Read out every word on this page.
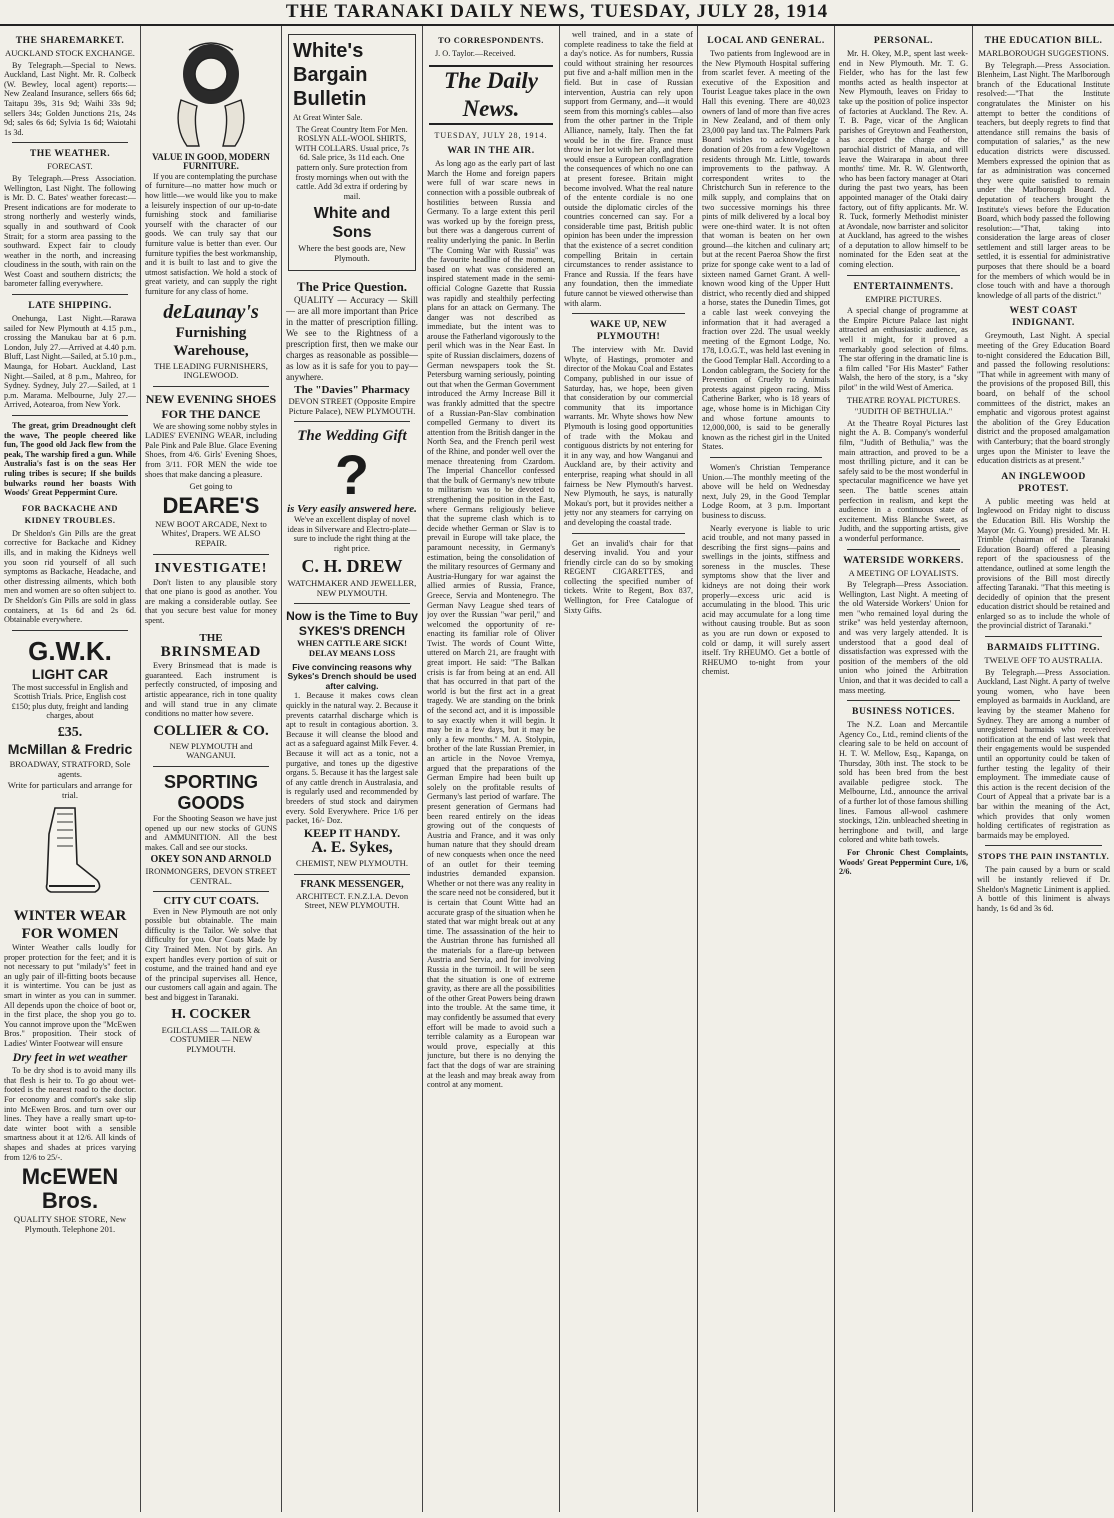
THE TARANAKI DAILY NEWS, TUESDAY, JULY 28, 1914
THE SHAREMARKET.
AUCKLAND STOCK EXCHANGE.

By Telegraph.—Special to News. Auckland, Last Night. Mr. R. Colbeck (W. Bewley, local agent) reports:— New Zealand Insurance, sellers 66s 6d; Taitapu 39s, 31s 9d; Waihi 33s 9d; sellers 34s; Golden Junctions 21s, 24s 9d; sales 6s 6d; Sylvia 1s 6d; Waiotahi 1s 3d.

THE WEATHER.
FORECAST.

By Telegraph.—Press Association. Wellington, Last Night. The following is Mr. D. C. Bates' weather forecast:— Present indications are for moderate to strong northerly and westerly winds, squally in and southward of Cook Strait; for a storm area passing to the southward. Expect fair to cloudy weather in the north, and increasing cloudiness in the south, with rain on the West Coast and southern districts; the barometer falling everywhere.

LATE SHIPPING.

Onehunga, Last Night.—Rarawa sailed for New Plymouth at 4.15 p.m., crossing the Manukau bar at 6 p.m. London, July 27.—Arrived at 4.40 p.m. Bluff, Last Night.—Sailed, at 5.10 p.m., Maunga, for Hobart. Auckland, Last Night.—Sailed, at 8 p.m., Mahreo, for Sydney. Sydney, July 27.—Sailed, at 1 p.m. Marama. Melbourne, July 27.—Arrived, Aotearoa, from New York.

The great, grim Dreadnought cleft the wave, The people cheered like fun, The good old Jack flew from the peak, The warship fired a gun. While Australia's fast is on the seas Her ruling tribes is secure; If she builds bulwarks round her boasts With Woods' Great Peppermint Cure.

FOR BACKACHE AND KIDNEY TROUBLES.

Dr Sheldon's Gin Pills are the great corrective for Backache and Kidney ills, and in making the Kidneys well you soon rid yourself of all such symptoms as Backache, Headache, and other distressing ailments, which both men and women are so often subject to. Dr Sheldon's Gin Pills are sold in glass containers, at 1s 6d and 2s 6d. Obtainable everywhere.

G.W.K.
LIGHT CAR

The most successful in English and Scottish Trials. Price, English cost £150; plus duty, freight and landing charges, about

£35.
McMillan & Fredric
BROADWAY, STRATFORD, Sole agents.
Write for particulars and arrange for trial.
WINTER WEAR FOR WOMEN

Winter Weather calls loudly for proper protection for the feet; and it is not necessary to put "milady's" feet in an ugly pair of ill-fitting boots because it is wintertime. You can be just as smart in winter as you can in summer. All depends upon the choice of boot or, in the first place, the shop you go to. You cannot improve upon the "McEwen Bros." proposition. Their stock of Ladies' Winter Footwear will ensure

Dry feet in wet weather

To be dry shod is to avoid many ills that flesh is heir to. To go about wet-footed is the nearest road to the doctor. For economy and comfort's sake slip into McEwen Bros. and turn over our lines. They have a really smart up-to-date winter boot with a sensible smartness about it at 12/6. All kinds of shapes and shades at prices varying from 12/6 to 25/-.

McEWEN Bros.
QUALITY SHOE STORE, New Plymouth. Telephone 201.
VALUE IN GOOD, MODERN FURNITURE.

If you are contemplating the purchase of furniture—no matter how much or how little—we would like you to make a leisurely inspection of our up-to-date furnishing stock and familiarise yourself with the character of our goods. We can truly say that our furniture value is better than ever. Our furniture typifies the best workmanship, and it is built to last and to give the utmost satisfaction. We hold a stock of great variety, and can supply the right furniture for any class of home.

deLaunay's
Furnishing Warehouse,
THE LEADING FURNISHERS, INGLEWOOD.
NEW EVENING SHOES FOR THE DANCE

We are showing some nobby styles in LADIES' EVENING WEAR, including Pale Pink and Pale Blue. Glace Evening Shoes, from 4/6. Girls' Evening Shoes, from 3/11. FOR MEN the wide toe shoes that make dancing a pleasure.

Get going to
DEARE'S
NEW BOOT ARCADE, Next to Whites', Drapers. WE ALSO REPAIR.
INVESTIGATE!

Don't listen to any plausible story that one piano is good as another. You are making a considerable outlay. See that you secure best value for money spent.

THE
BRINSMEAD

Every Brinsmead that is made is guaranteed. Each instrument is perfectly constructed, of imposing and artistic appearance, rich in tone quality and will stand true in any climate conditions no matter how severe.

COLLIER & CO.
NEW PLYMOUTH and WANGANUI.
SPORTING GOODS

For the Shooting Season we have just opened up our new stocks of GUNS and AMMUNITION. All the best makes. Call and see our stocks.

OKEY SON AND ARNOLD
IRONMONGERS, DEVON STREET CENTRAL.
CITY CUT COATS.

Even in New Plymouth are not only possible but obtainable. The main difficulty is the Tailor. We solve that difficulty for you. Our Coats Made by City Trained Men. Not by girls. An expert handles every portion of suit or costume, and the trained hand and eye of the principal supervises all. Hence, our customers call again and again. The best and biggest in Taranaki.

H. COCKER
EGILCLASS — TAILOR & COSTUMIER — NEW PLYMOUTH.
White's Bargain Bulletin
At Great Winter Sale.

The Great Country Item For Men. ROSLYN ALL-WOOL SHIRTS, WITH COLLARS. Usual price, 7s 6d. Sale price, 3s 11d each. One pattern only. Sure protection from frosty mornings when out with the cattle. Add 3d extra if ordering by mail.

White and Sons
Where the best goods are, New Plymouth.
The Price Question.

QUALITY — Accuracy — Skill — are all more important than Price in the matter of prescription filling. We see to the Rightness of a prescription first, then we make our charges as reasonable as possible—as low as it is safe for you to pay—anywhere.

The "Davies" Pharmacy
DEVON STREET (Opposite Empire Picture Palace), NEW PLYMOUTH.
The Wedding Gift
?
is Very easily answered here.

We've an excellent display of novel ideas in Silverware and Electro-plate—sure to include the right thing at the right price.

C. H. DREW
WATCHMAKER AND JEWELLER, NEW PLYMOUTH.
Now is the Time to Buy SYKES'S DRENCH
WHEN CATTLE ARE SICK! DELAY MEANS LOSS
Five convincing reasons why Sykes's Drench should be used after calving.

1. Because it makes cows clean quickly in the natural way. 2. Because it prevents catarrhal discharge which is apt to result in contagious abortion. 3. Because it will cleanse the blood and act as a safeguard against Milk Fever. 4. Because it will act as a tonic, not a purgative, and tones up the digestive organs. 5. Because it has the largest sale of any cattle drench in Australasia, and is regularly used and recommended by breeders of stud stock and dairymen every. Sold Everywhere. Price 1/6 per packet, 16/- Doz.

KEEP IT HANDY.
A. E. Sykes,
CHEMIST, NEW PLYMOUTH.
FRANK MESSENGER,
ARCHITECT. F.N.Z.I.A. Devon Street, NEW PLYMOUTH.
TO CORRESPONDENTS.

J. O. Taylor.—Received.

The Daily News.
TUESDAY, JULY 28, 1914.
WAR IN THE AIR.

As long ago as the early part of last March the Home and foreign papers were full of war scare news in connection with a possible outbreak of hostilities between Russia and Germany. To a large extent this peril was worked up by the foreign press, but there was a dangerous current of reality underlying the panic. In Berlin "The Coming War with Russia" was the favourite headline of the moment, based on what was considered an inspired statement made in the semi-official Cologne Gazette that Russia was rapidly and stealthily perfecting plans for an attack on Germany. The danger was not described as immediate, but the intent was to arouse the Fatherland vigorously to the peril which was in the Near East. In spite of Russian disclaimers, dozens of German newspapers took the St. Petersburg warning seriously, pointing out that when the German Government introduced the Army Increase Bill it was frankly admitted that the spectre of a Russian-Pan-Slav combination compelled Germany to divert its attention from the British danger in the North Sea, and the French peril west of the Rhine, and ponder well over the menace threatening from Czardom. The Imperial Chancellor confessed that the bulk of Germany's new tribute to militarism was to be devoted to strengthening the position in the East, where Germans religiously believe that the supreme clash which is to decide whether German or Slav is to prevail in Europe will take place, the paramount necessity, in Germany's estimation, being the consolidation of the military resources of Germany and Austria-Hungary for war against the allied armies of Russia, France, Greece, Servia and Montenegro. The German Navy League shed tears of joy over the Russian "war peril," and welcomed the opportunity of re-enacting its familiar role of Oliver Twist. The words of Count Witte, uttered on March 21, are fraught with great import. He said: "The Balkan crisis is far from being at an end. All that has occurred in that part of the world is but the first act in a great tragedy. We are standing on the brink of the second act, and it is impossible to say exactly when it will begin. It may be in a few days, but it may be only a few months." M. A. Stolypin, brother of the late Russian Premier, in an article in the Novoe Vremya, argued that the preparations of the German Empire had been built up solely on the profitable results of Germany's last period of warfare. The present generation of Germans had been reared entirely on the ideas growing out of the conquests of Austria and France, and it was only human nature that they should dream of new conquests when once the need of an outlet for their teeming industries demanded expansion. Whether or not there was any reality in the scare need not be considered, but it is certain that Count Witte had an accurate grasp of the situation when he stated that war might break out at any time. The assassination of the heir to the Austrian throne has furnished all the materials for a flare-up between Austria and Servia, and for involving Russia in the turmoil. It will be seen that the situation is one of extreme gravity, as there are all the possibilities of the other Great Powers being drawn into the trouble. At the same time, it may confidently be assumed that every effort will be made to avoid such a terrible calamity as a European war would prove, especially at this juncture, but there is no denying the fact that the dogs of war are straining at the leash and may break away from control at any moment.

well trained, and in a state of complete readiness to take the field at a day's notice. As for numbers, Russia could without straining her resources put five and a-half million men in the field. But in case of Russian intervention, Austria can rely upon support from Germany, and—it would seem from this morning's cables—also from the other partner in the Triple Alliance, namely, Italy. Then the fat would be in the fire. France must throw in her lot with her ally, and there would ensue a European conflagration the consequences of which no one can at present foresee. Britain might become involved. What the real nature of the entente cordiale is no one outside the diplomatic circles of the countries concerned can say. For a considerable time past, British public opinion has been under the impression that the existence of a secret condition compelling Britain in certain circumstances to render assistance to France and Russia. If the fears have any foundation, then the immediate future cannot be viewed otherwise than with alarm.

WAKE UP, NEW PLYMOUTH!

The interview with Mr. David Whyte, of Hastings, promoter and director of the Mokau Coal and Estates Company, published in our issue of Saturday, has, we hope, been given that consideration by our commercial community that its importance warrants. Mr. Whyte shows how New Plymouth is losing good opportunities of trade with the Mokau and contiguous districts by not entering for it in any way, and how Wanganui and Auckland are, by their activity and enterprise, reaping what should in all fairness be New Plymouth's harvest. New Plymouth, he says, is naturally Mokau's port, but it provides neither a jetty nor any steamers for carrying on and developing the coastal trade.

Get an invalid's chair for that deserving invalid. You and your friendly circle can do so by smoking REGENT CIGARETTES, and collecting the specified number of tickets. Write to Regent, Box 837, Wellington, for Free Catalogue of Sixty Gifts.

LOCAL AND GENERAL.

Two patients from Inglewood are in the New Plymouth Hospital suffering from scarlet fever. A meeting of the executive of the Exposition and Tourist League takes place in the own Hall this evening. There are 40,023 owners of land of more than five acres in New Zealand, and of them only 23,000 pay land tax. The Palmers Park Board wishes to acknowledge a donation of 20s from a few Vogeltown residents through Mr. Little, towards improvements to the pathway. A correspondent writes to the Christchurch Sun in reference to the milk supply, and complains that on two successive mornings his three pints of milk delivered by a local boy were one-third water. It is not often that woman is beaten on her own ground—the kitchen and culinary art; but at the recent Paeroa Show the first prize for sponge cake went to a lad of sixteen named Garnet Grant. A well-known wood king of the Upper Hutt district, who recently died and shipped a horse, states the Dunedin Times, got a cable last week conveying the information that it had averaged a fraction over 22d. The usual weekly meeting of the Egmont Lodge, No. 178, I.O.G.T., was held last evening in the Good Templar Hall. According to a London cablegram, the Society for the Prevention of Cruelty to Animals protests against pigeon racing. Miss Catherine Barker, who is 18 years of age, whose home is in Michigan City and whose fortune amounts to 12,000,000, is said to be generally known as the richest girl in the United States.

Women's Christian Temperance Union.—The monthly meeting of the above will be held on Wednesday next, July 29, in the Good Templar Lodge Room, at 3 p.m. Important business to discuss.

Nearly everyone is liable to uric acid trouble, and not many passed in describing the first signs—pains and swellings in the joints, stiffness and soreness in the muscles. These symptoms show that the liver and kidneys are not doing their work properly—excess uric acid is accumulating in the blood. This uric acid may accumulate for a long time without causing trouble. But as soon as you are run down or exposed to cold or damp, it will surely assert itself. Try RHEUMO. Get a bottle of RHEUMO to-night from your chemist.

PERSONAL.

Mr. H. Okey, M.P., spent last week-end in New Plymouth. Mr. T. G. Fielder, who has for the last few months acted as health inspector at New Plymouth, leaves on Friday to take up the position of police inspector of factories at Auckland. The Rev. A. T. B. Page, vicar of the Anglican parishes of Greytown and Featherston, has accepted the charge of the parochial district of Manaia, and will leave the Wairarapa in about three months' time. Mr. R. W. Glentworth, who has been factory manager at Otari during the past two years, has been appointed manager of the Otaki dairy factory, out of fifty applicants. Mr. W. R. Tuck, formerly Methodist minister at Avondale, now barrister and solicitor at Auckland, has agreed to the wishes of a deputation to allow himself to be nominated for the Eden seat at the coming election.

ENTERTAINMENTS.
EMPIRE PICTURES.

A special change of programme at the Empire Picture Palace last night attracted an enthusiastic audience, as well it might, for it proved a remarkably good selection of films. The star offering in the dramatic line is a film called "For His Master" Father Walsh, the hero of the story, is a "sky pilot" in the wild West of America.

THEATRE ROYAL PICTURES.
"JUDITH OF BETHULIA."

At the Theatre Royal Pictures last night the A. B. Company's wonderful film, "Judith of Bethulia," was the main attraction, and proved to be a most thrilling picture, and it can be safely said to be the most wonderful in spectacular magnificence we have yet seen. The battle scenes attain perfection in realism, and kept the audience in a continuous state of excitement. Miss Blanche Sweet, as Judith, and the supporting artists, give a wonderful performance.

WATERSIDE WORKERS.
A MEETING OF LOYALISTS.

By Telegraph—Press Association. Wellington, Last Night. A meeting of the old Waterside Workers' Union for men "who remained loyal during the strike" was held yesterday afternoon, and was very largely attended. It is understood that a good deal of dissatisfaction was expressed with the position of the members of the old union who joined the Arbitration Union, and that it was decided to call a mass meeting.

BUSINESS NOTICES.

The N.Z. Loan and Mercantile Agency Co., Ltd., remind clients of the clearing sale to be held on account of H. T. W. Mellow, Esq., Kapanga, on Thursday, 30th inst. The stock to be sold has been bred from the best available pedigree stock. The Melbourne, Ltd., announce the arrival of a further lot of those famous shilling lines. Famous all-wool cashmere stockings, 12in. unbleached sheeting in herringbone and twill, and large colored and white bath towels.

For Chronic Chest Complaints, Woods' Great Peppermint Cure, 1/6, 2/6.

THE EDUCATION BILL.
MARLBOROUGH SUGGESTIONS.

By Telegraph.—Press Association. Blenheim, Last Night. The Marlborough branch of the Educational Institute resolved:—"That the Institute congratulates the Minister on his attempt to better the conditions of teachers, but deeply regrets to find that attendance still remains the basis of computation of salaries," as the new education districts were discussed. Members expressed the opinion that as far as administration was concerned they were quite satisfied to remain under the Marlborough Board. A deputation of teachers brought the Institute's views before the Education Board, which body passed the following resolution:—"That, taking into consideration the large areas of closer settlement and still larger areas to be settled, it is essential for administrative purposes that there should be a board for the members of which would be in close touch with and have a thorough knowledge of all parts of the district."

WEST COAST INDIGNANT.

Greymouth, Last Night. A special meeting of the Grey Education Board to-night considered the Education Bill, and passed the following resolutions: "That while in agreement with many of the provisions of the proposed Bill, this board, on behalf of the school committees of the district, makes an emphatic and vigorous protest against the abolition of the Grey Education district and the proposed amalgamation with Canterbury; that the board strongly urges upon the Minister to leave the education districts as at present."

AN INGLEWOOD PROTEST.

A public meeting was held at Inglewood on Friday night to discuss the Education Bill. His Worship the Mayor (Mr. G. Young) presided. Mr. H. Trimble (chairman of the Taranaki Education Board) offered a pleasing report of the spaciousness of the attendance, outlined at some length the provisions of the Bill most directly affecting Taranaki. "That this meeting is decidedly of opinion that the present education district should be retained and enlarged so as to include the whole of the provincial district of Taranaki."

BARMAIDS FLITTING.
TWELVE OFF TO AUSTRALIA.

By Telegraph.—Press Association. Auckland, Last Night. A party of twelve young women, who have been employed as barmaids in Auckland, are leaving by the steamer Maheno for Sydney. They are among a number of unregistered barmaids who received notification at the end of last week that their engagements would be suspended until an opportunity could be taken of further testing the legality of their employment. The immediate cause of this action is the recent decision of the Court of Appeal that a private bar is a bar within the meaning of the Act, which provides that only women holding certificates of registration as barmaids may be employed.

STOPS THE PAIN INSTANTLY.

The pain caused by a burn or scald will be instantly relieved if Dr. Sheldon's Magnetic Liniment is applied. A bottle of this liniment is always handy, 1s 6d and 3s 6d.
